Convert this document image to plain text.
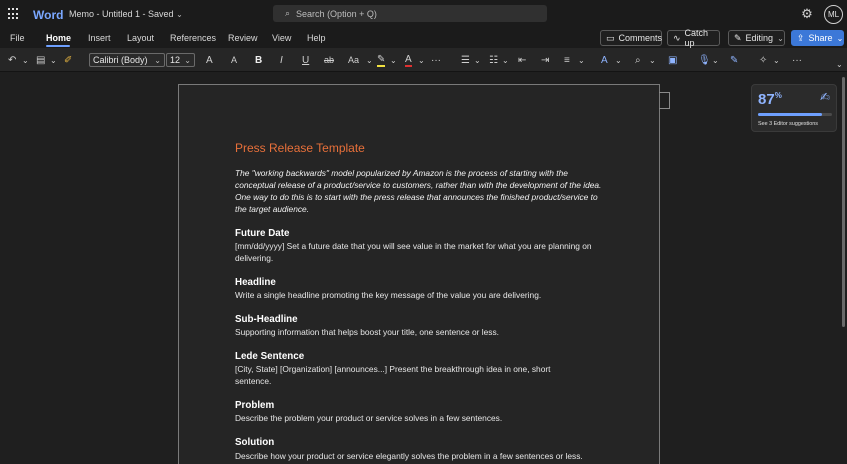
Word Memo - Untitled 1 - Saved ⌄	⌕ Search (Option + Q)	⚙	ML
File Home Insert Layout References Review View Help	▭ Comments ∿ Catch up
✎ Editing ⌄ ⇪ Share ⌄
↶ ⌄ ▤ ⌄ ✐ Calibri (Body) ⌄ 12 ⌄ A A B I U ab Aa ⌄ ✎ ⌄ A ⌄ ··· ☰ ⌄ ☷ ⌄ ⇤ ⇥ ≡ ⌄ A ⌄ ⌕ ⌄ ▣ 🎙 ⌄ ✎ ✧ ⌄ ···	⌄
Press Release Template
The "working backwards" model popularized by Amazon is the process of starting with the conceptual release of a product/service to customers, rather than with the development of the idea. One way to do this is to start with the press release that announces the finished product/service to the target audience.
Future Date
[mm/dd/yyyy] Set a future date that you will see value in the market for what you are planning on delivering.
Headline
Write a single headline promoting the key message of the value you are delivering.
Sub-Headline
Supporting information that helps boost your title, one sentence or less.
Lede Sentence
[City, State] [Organization] [announces...] Present the breakthrough idea in one, short sentence.
Problem
Describe the problem your product or service solves in a few sentences.
Solution
Describe how your product or service elegantly solves the problem in a few sentences or less.
87%	✍
See 3 Editor suggestions
